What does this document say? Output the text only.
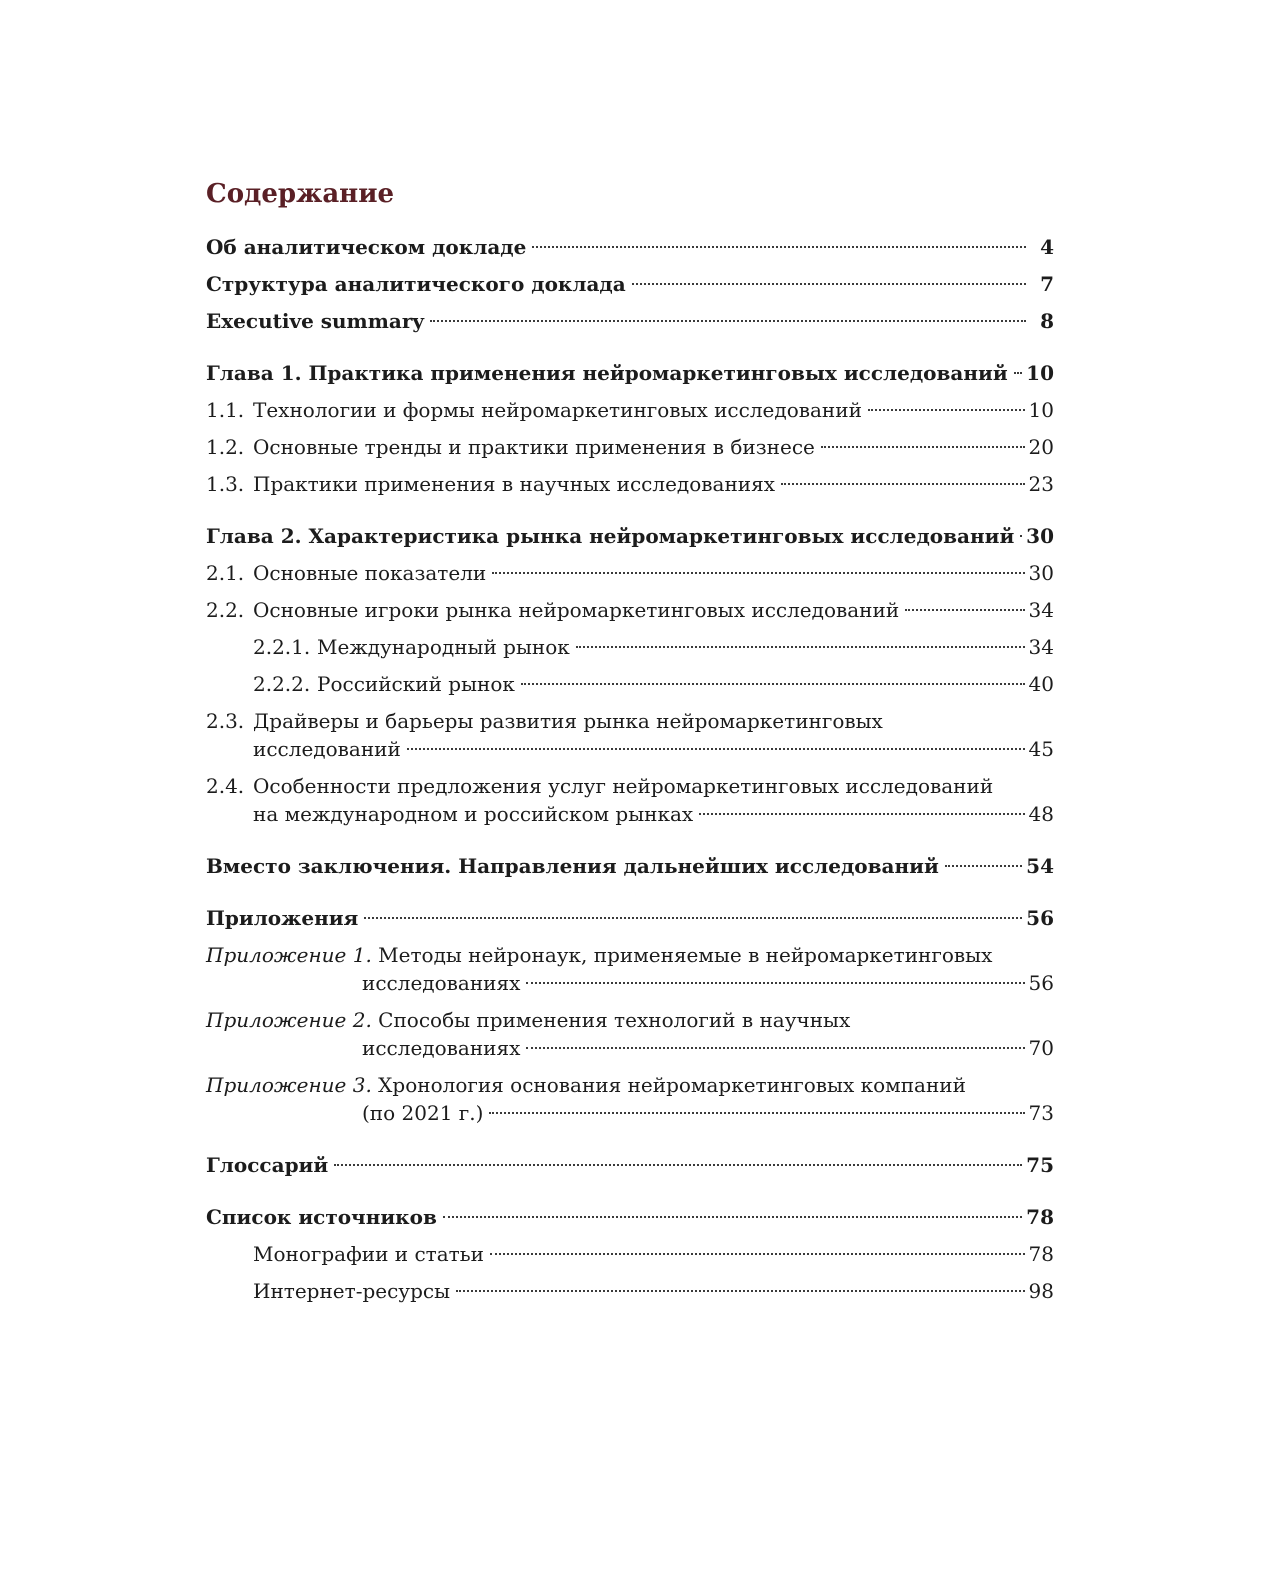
Содержание
Об аналитическом докладе	4
Структура аналитического доклада	7
Executive summary	8
Глава 1. Практика применения нейромаркетинговых исследований 10
1.1. Технологии и формы нейромаркетинговых исследований	10
1.2. Основные тренды и практики применения в бизнесе	20
1.3. Практики применения в научных исследованиях	23
Глава 2. Характеристика рынка нейромаркетинговых исследований 30
2.1. Основные показатели	30
2.2. Основные игроки рынка нейромаркетинговых исследований	34
2.2.1. Международный рынок	34
2.2.2. Российский рынок	40
2.3. Драйверы и барьеры развития рынка нейромаркетинговых
исследований	45
2.4. Особенности предложения услуг нейромаркетинговых исследований
на международном и российском рынках	48
Вместо заключения. Направления дальнейших исследований	54
Приложения	56
Приложение 1. Методы нейронаук, применяемые в нейромаркетинговых
исследованиях	56
Приложение 2. Способы применения технологий в научных
исследованиях	70
Приложение 3. Хронология основания нейромаркетинговых компаний
(по 2021 г.)	73
Глоссарий	75
Список источников	78
Монографии и статьи	78
Интернет-ресурсы	98
